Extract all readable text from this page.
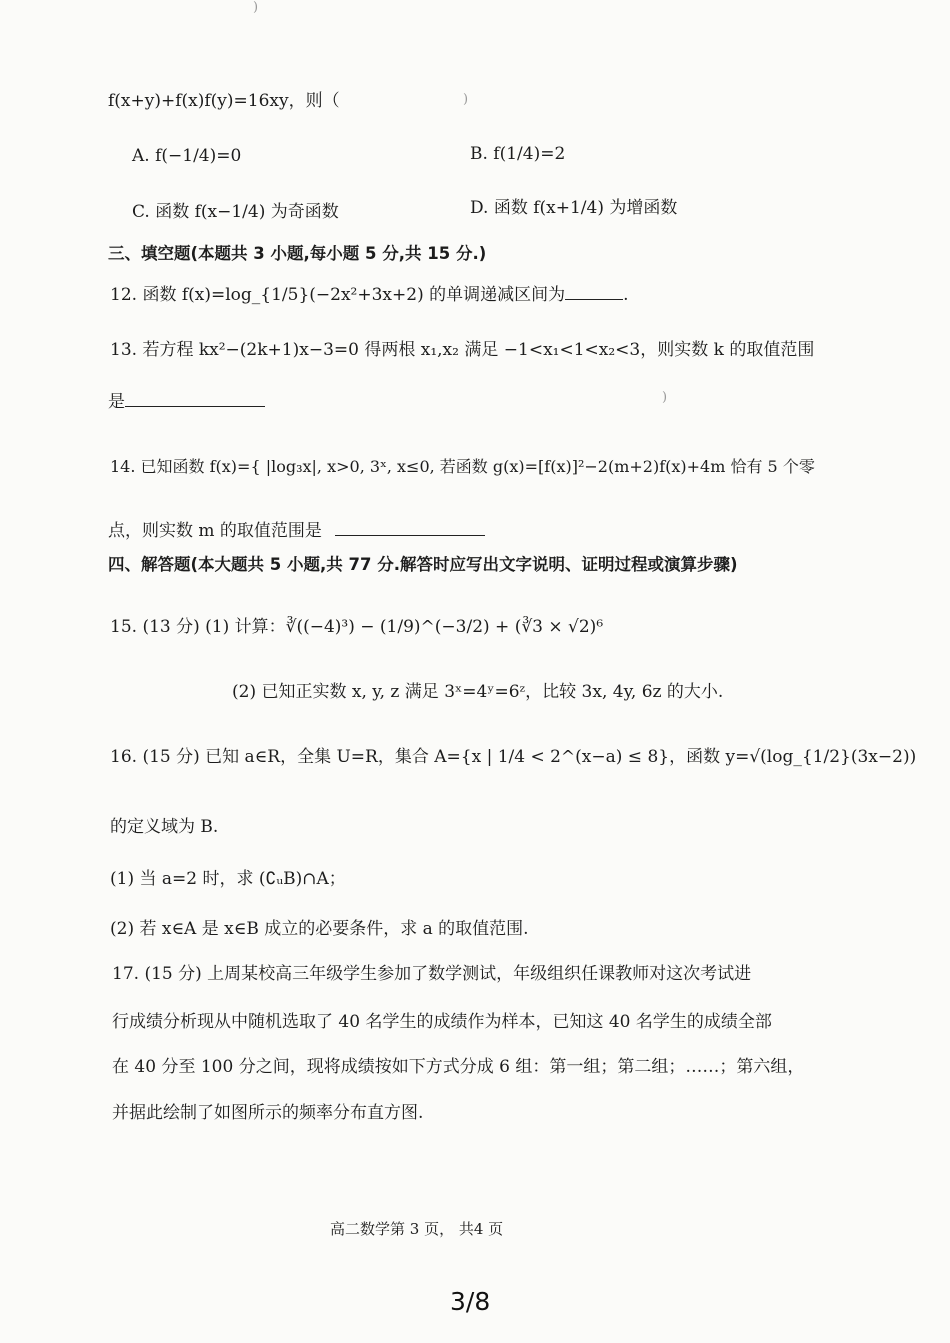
)
)
)
f(x+y)+f(x)f(y)=16xy，则（
A. f(−1/4)=0	B. f(1/4)=2
C. 函数 f(x−1/4) 为奇函数	D. 函数 f(x+1/4) 为增函数
三、填空题(本题共 3 小题,每小题 5 分,共 15 分.)
12. 函数 f(x)=log_{1/5}(−2x²+3x+2) 的单调递减区间为	.
13. 若方程 kx²−(2k+1)x−3=0 得两根 x₁,x₂ 满足 −1<x₁<1<x₂<3，则实数 k 的取值范围
是
14. 已知函数 f(x)={ |log₃x|, x>0, 3ˣ, x≤0, 若函数 g(x)=[f(x)]²−2(m+2)f(x)+4m 恰有 5 个零
点，则实数 m 的取值范围是
四、解答题(本大题共 5 小题,共 77 分.解答时应写出文字说明、证明过程或演算步骤)
15. (13 分) (1) 计算：∛((−4)³) − (1/9)^(−3/2) + (∛3 × √2)⁶
(2) 已知正实数 x, y, z 满足 3ˣ=4ʸ=6ᶻ，比较 3x, 4y, 6z 的大小.
16. (15 分) 已知 a∈R，全集 U=R，集合 A={x | 1/4 < 2^(x−a) ≤ 8}，函数 y=√(log_{1/2}(3x−2))
的定义域为 B.
(1) 当 a=2 时，求 (∁ᵤB)∩A；
(2) 若 x∈A 是 x∈B 成立的必要条件，求 a 的取值范围.
17. (15 分) 上周某校高三年级学生参加了数学测试，年级组织任课教师对这次考试进
行成绩分析现从中随机选取了 40 名学生的成绩作为样本，已知这 40 名学生的成绩全部
在 40 分至 100 分之间，现将成绩按如下方式分成 6 组：第一组；第二组；……；第六组，
并据此绘制了如图所示的频率分布直方图.
高二数学第 3 页， 共4 页
3/8
